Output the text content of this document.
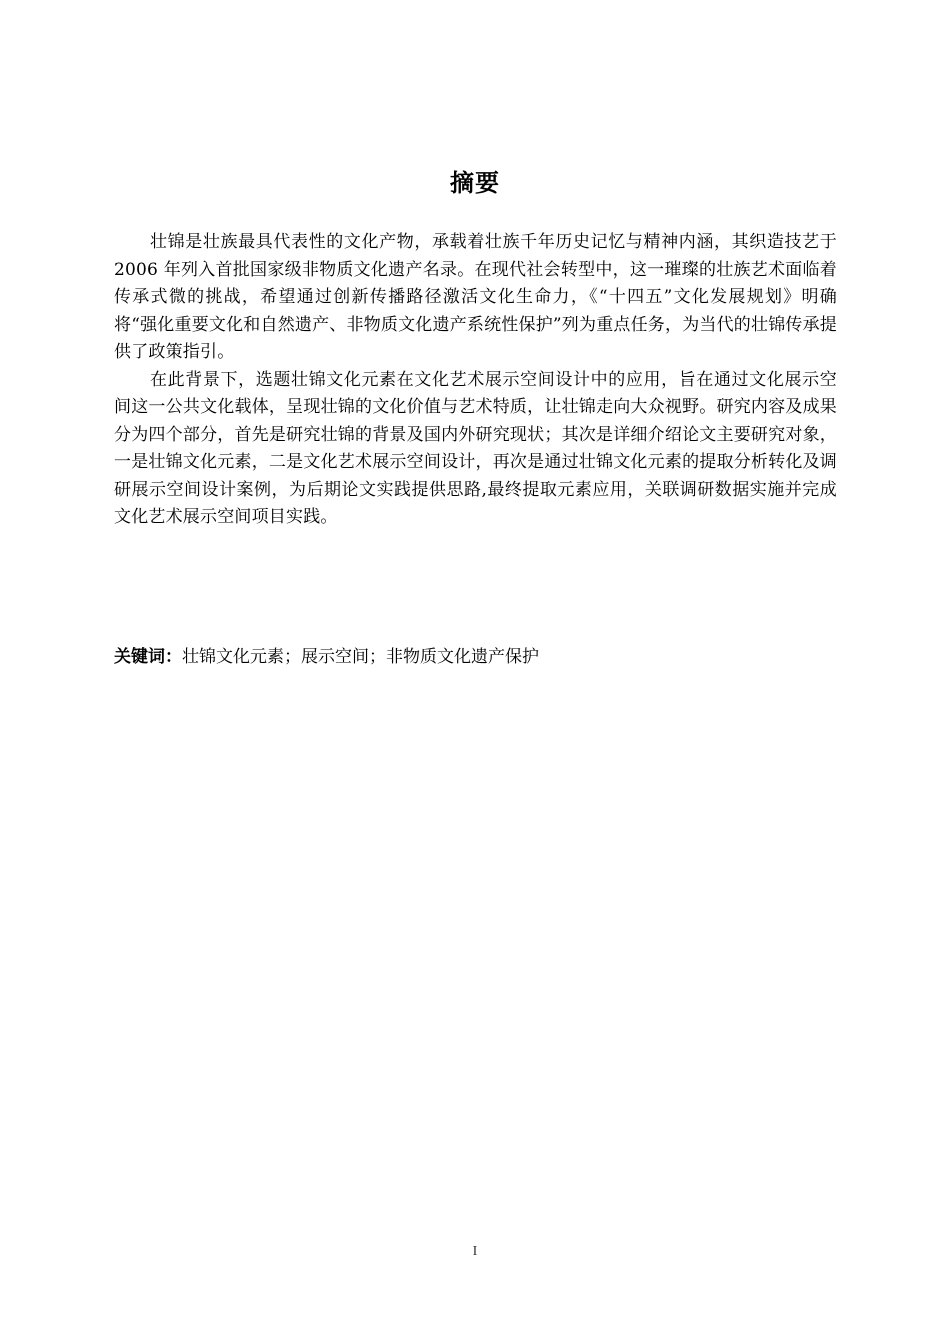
摘要

壮锦是壮族最具代表性的文化产物，承载着壮族千年历史记忆与精神内涵，其织造技艺于 2006 年列入首批国家级非物质文化遗产名录。在现代社会转型中，这一璀璨的壮族艺术面临着传承式微的挑战，希望通过创新传播路径激活文化生命力，《“十四五”文化发展规划》明确将“强化重要文化和自然遗产、非物质文化遗产系统性保护”列为重点任务，为当代的壮锦传承提供了政策指引。

在此背景下，选题壮锦文化元素在文化艺术展示空间设计中的应用，旨在通过文化展示空间这一公共文化载体，呈现壮锦的文化价值与艺术特质，让壮锦走向大众视野。研究内容及成果分为四个部分，首先是研究壮锦的背景及国内外研究现状；其次是详细介绍论文主要研究对象，一是壮锦文化元素，二是文化艺术展示空间设计，再次是通过壮锦文化元素的提取分析转化及调研展示空间设计案例，为后期论文实践提供思路,最终提取元素应用，关联调研数据实施并完成文化艺术展示空间项目实践。

关键词：壮锦文化元素；展示空间；非物质文化遗产保护
I
